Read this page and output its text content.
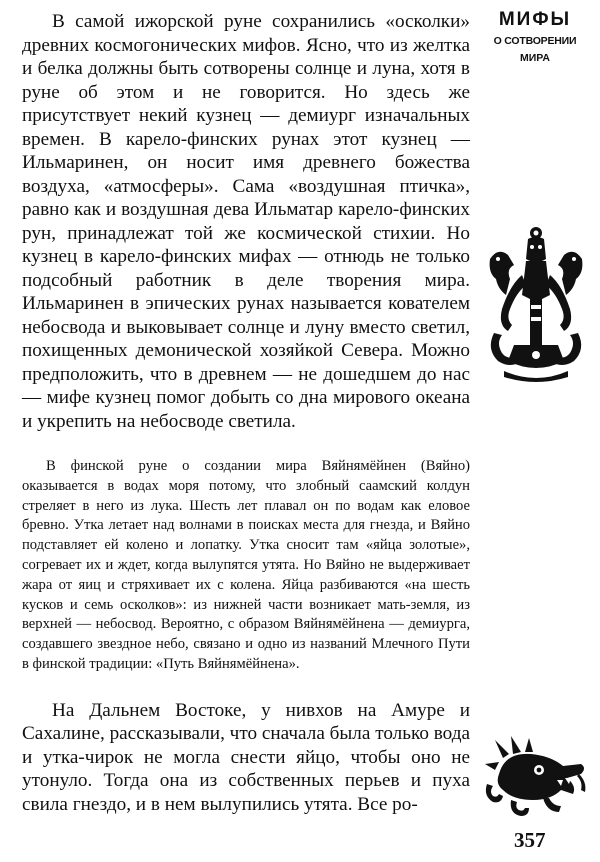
В самой ижорской руне сохранились «осколки» древних космогонических мифов. Ясно, что из желтка и белка должны быть сотворены солнце и луна, хотя в руне об этом и не говорится. Но здесь же присутствует некий кузнец — демиург изначальных времен. В карело-финских рунах этот кузнец — Ильмаринен, он носит имя древнего божества воздуха, «атмосферы». Сама «воздушная птичка», равно как и воздушная дева Ильматар карело-финских рун, принадлежат той же космической стихии. Но кузнец в карело-финских мифах — отнюдь не только подсобный работник в деле творения мира. Ильмаринен в эпических рунах называется кователем небосвода и выковывает солнце и луну вместо светил, похищенных демонической хозяйкой Севера. Можно предположить, что в древнем — не дошедшем до нас — мифе кузнец помог добыть со дна мирового океана и укрепить на небосводе светила.

В финской руне о создании мира Вяйнямёйнен (Вяйно) оказывается в водах моря потому, что злобный саамский колдун стреляет в него из лука. Шесть лет плавал он по водам как еловое бревно. Утка летает над волнами в поисках места для гнезда, и Вяйно подставляет ей колено и лопатку. Утка сносит там «яйца золотые», согревает их и ждет, когда вылупятся утята. Но Вяйно не выдерживает жара от яиц и стряхивает их с колена. Яйца разбиваются «на шесть кусков и семь осколков»: из нижней части возникает мать-земля, из верхней — небосвод. Вероятно, с образом Вяйнямёйнена — демиурга, создавшего звездное небо, связано и одно из названий Млечного Пути в финской традиции: «Путь Вяйнямёйнена».

На Дальнем Востоке, у нивхов на Амуре и Сахалине, рассказывали, что сначала была только вода и утка-чирок не могла снести яйцо, чтобы оно не утонуло. Тогда она из собственных перьев и пуха свила гнездо, и в нем вылупились утята. Все ро-

МИФЫ
О СОТВОРЕНИИ
МИРА
357
